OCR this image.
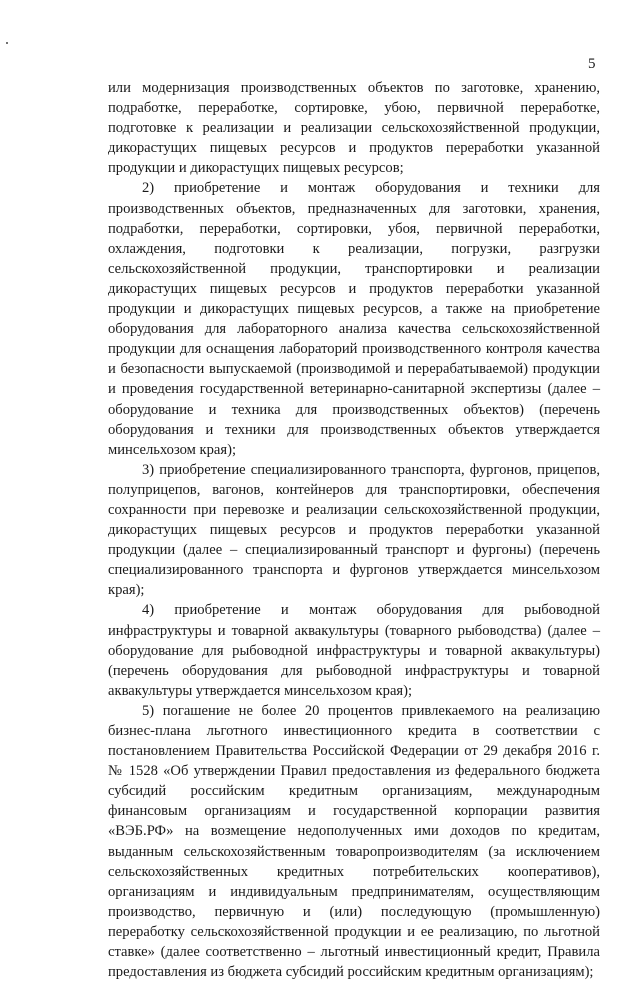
5

или модернизация производственных объектов по заготовке, хранению, подработке, переработке, сортировке, убою, первичной переработке, подготовке к реализации и реализации сельскохозяйственной продукции, дикорастущих пищевых ресурсов и продуктов переработки указанной продукции и дикорастущих пищевых ресурсов;

2) приобретение и монтаж оборудования и техники для производственных объектов, предназначенных для заготовки, хранения, подработки, переработки, сортировки, убоя, первичной переработки, охлаждения, подготовки к реализации, погрузки, разгрузки сельскохозяйственной продукции, транспортировки и реализации дикорастущих пищевых ресурсов и продуктов переработки указанной продукции и дикорастущих пищевых ресурсов, а также на приобретение оборудования для лабораторного анализа качества сельскохозяйственной продукции для оснащения лабораторий производственного контроля качества и безопасности выпускаемой (производимой и перерабатываемой) продукции и проведения государственной ветеринарно-санитарной экспертизы (далее – оборудование и техника для производственных объектов) (перечень оборудования и техники для производственных объектов утверждается минсельхозом края);

3) приобретение специализированного транспорта, фургонов, прицепов, полуприцепов, вагонов, контейнеров для транспортировки, обеспечения сохранности при перевозке и реализации сельскохозяйственной продукции, дикорастущих пищевых ресурсов и продуктов переработки указанной продукции (далее – специализированный транспорт и фургоны) (перечень специализированного транспорта и фургонов утверждается минсельхозом края);

4) приобретение и монтаж оборудования для рыбоводной инфраструктуры и товарной аквакультуры (товарного рыбоводства) (далее – оборудование для рыбоводной инфраструктуры и товарной аквакультуры) (перечень оборудования для рыбоводной инфраструктуры и товарной аквакультуры утверждается минсельхозом края);

5) погашение не более 20 процентов привлекаемого на реализацию бизнес-плана льготного инвестиционного кредита в соответствии с постановлением Правительства Российской Федерации от 29 декабря 2016 г. № 1528 «Об утверждении Правил предоставления из федерального бюджета субсидий российским кредитным организациям, международным финансовым организациям и государственной корпорации развития «ВЭБ.РФ» на возмещение недополученных ими доходов по кредитам, выданным сельскохозяйственным товаропроизводителям (за исключением сельскохозяйственных кредитных потребительских кооперативов), организациям и индивидуальным предпринимателям, осуществляющим производство, первичную и (или) последующую (промышленную) переработку сельскохозяйственной продукции и ее реализацию, по льготной ставке» (далее соответственно – льготный инвестиционный кредит, Правила предоставления из бюджета субсидий российским кредитным организациям);
